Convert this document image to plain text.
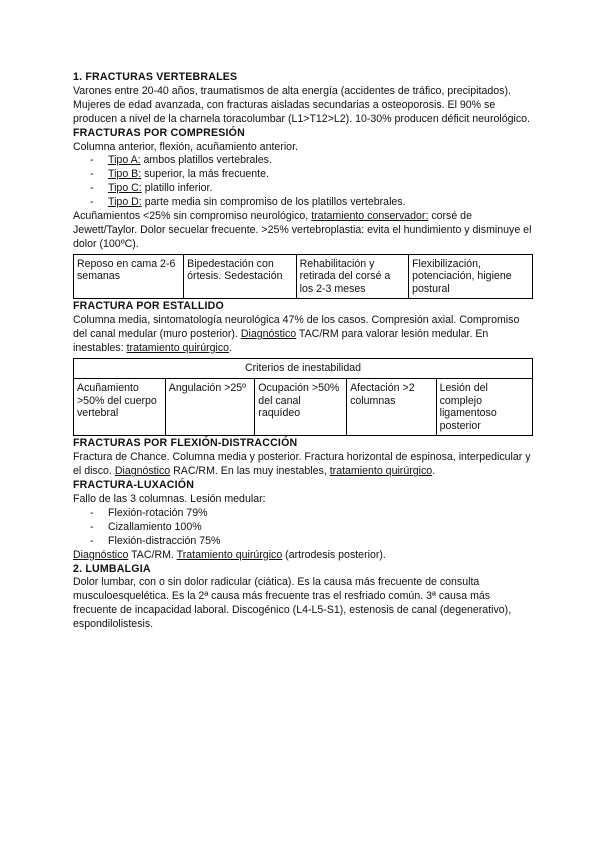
1. FRACTURAS VERTEBRALES

Varones entre 20-40 años, traumatismos de alta energía (accidentes de tráfico, precipitados). Mujeres de edad avanzada, con fracturas aisladas secundarias a osteoporosis. El 90% se producen a nivel de la charnela toracolumbar (L1>T12>L2). 10-30% producen déficit neurológico.

FRACTURAS POR COMPRESIÓN

Columna anterior, flexión, acuñamiento anterior.

- Tipo A: ambos platillos vertebrales.
- Tipo B: superior, la más frecuente.
- Tipo C: platillo inferior.
- Tipo D: parte media sin compromiso de los platillos vertebrales.

Acuñamientos <25% sin compromiso neurológico, tratamiento conservador: corsé de Jewett/Taylor. Dolor secuelar frecuente. >25% vertebroplastia: evita el hundimiento y disminuye el dolor (100ºC).

Reposo en cama 2-6 semanas	Bipedestación con órtesis. Sedestación	Rehabilitación y retirada del corsé a los 2-3 meses	Flexibilización, potenciación, higiene postural
FRACTURA POR ESTALLIDO

Columna media, sintomatología neurológica 47% de los casos. Compresión axial. Compromiso del canal medular (muro posterior). Diagnóstico TAC/RM para valorar lesión medular. En inestables: tratamiento quirúrgico.

Criterios de inestabilidad
Acuñamiento >50% del cuerpo vertebral	Angulación >25º	Ocupación >50% del canal raquídeo	Afectación >2 columnas	Lesión del complejo ligamentoso posterior
FRACTURAS POR FLEXIÓN-DISTRACCIÓN

Fractura de Chance. Columna media y posterior. Fractura horizontal de espinosa, interpedicular y el disco. Diagnóstico RAC/RM. En las muy inestables, tratamiento quirúrgico.

FRACTURA-LUXACIÓN

Fallo de las 3 columnas. Lesión medular:

- Flexión-rotación 79%
- Cizallamiento 100%
- Flexión-distracción 75%

Diagnóstico TAC/RM. Tratamiento quirúrgico (artrodesis posterior).

2. LUMBALGIA

Dolor lumbar, con o sin dolor radicular (ciática). Es la causa más frecuente de consulta musculoesquelética. Es la 2ª causa más frecuente tras el resfriado común. 3ª causa más frecuente de incapacidad laboral. Discogénico (L4-L5-S1), estenosis de canal (degenerativo), espondilolistesis.
